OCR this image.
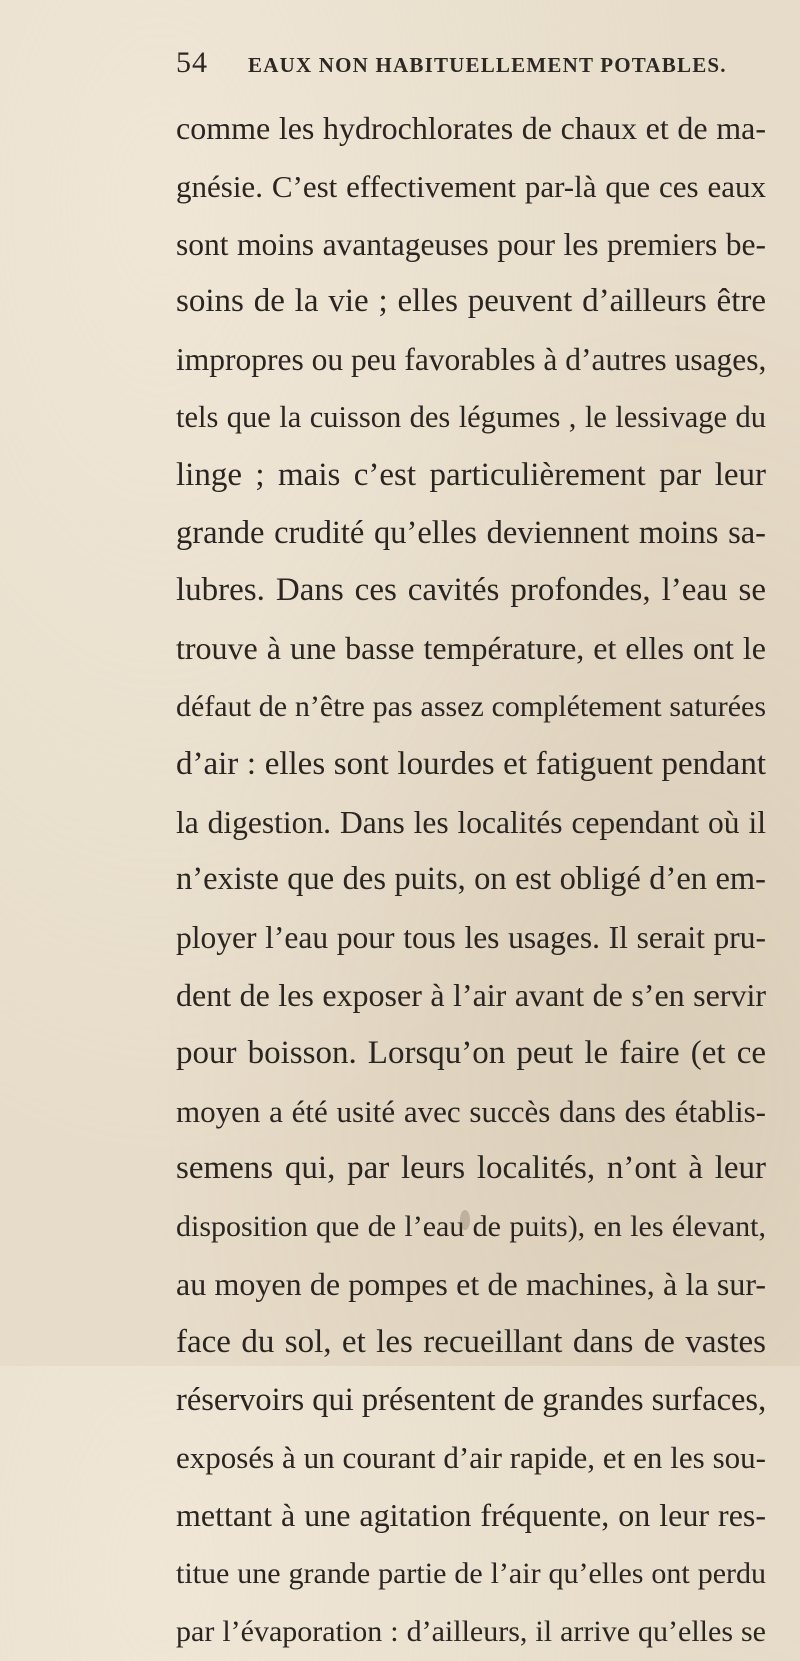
54 EAUX NON HABITUELLEMENT POTABLES.
comme les hydrochlorates de chaux et de ma-
gnésie. C’est effectivement par-là que ces eaux
sont moins avantageuses pour les premiers be-
soins de la vie ; elles peuvent d’ailleurs être
impropres ou peu favorables à d’autres usages,
tels que la cuisson des légumes , le lessivage du
linge ; mais c’est particulièrement par leur
grande crudité qu’elles deviennent moins sa-
lubres. Dans ces cavités profondes, l’eau se
trouve à une basse température, et elles ont le
défaut de n’être pas assez complétement saturées
d’air : elles sont lourdes et fatiguent pendant
la digestion. Dans les localités cependant où il
n’existe que des puits, on est obligé d’en em-
ployer l’eau pour tous les usages. Il serait pru-
dent de les exposer à l’air avant de s’en servir
pour boisson. Lorsqu’on peut le faire (et ce
moyen a été usité avec succès dans des établis-
semens qui, par leurs localités, n’ont à leur
disposition que de l’eau de puits), en les élevant,
au moyen de pompes et de machines, à la sur-
face du sol, et les recueillant dans de vastes
réservoirs qui présentent de grandes surfaces,
exposés à un courant d’air rapide, et en les sou-
mettant à une agitation fréquente, on leur res-
titue une grande partie de l’air qu’elles ont perdu
par l’évaporation : d’ailleurs, il arrive qu’elles se
